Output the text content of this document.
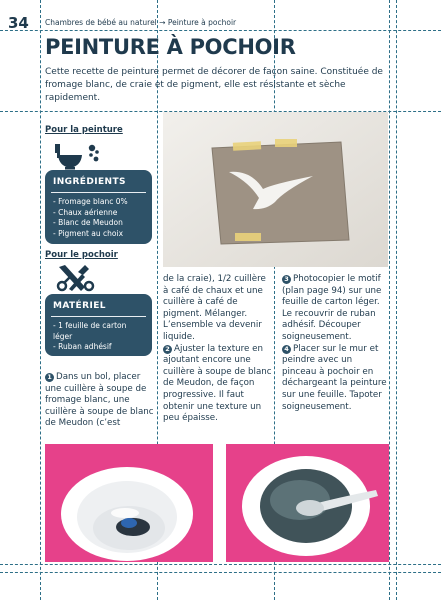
34 Chambres de bébé au naturel → Peinture à pochoir
PEINTURE À POCHOIR
Cette recette de peinture permet de décorer de façon saine. Constituée de fromage blanc, de craie et de pigment, elle est résistante et sèche rapidement.
Pour la peinture
INGRÉDIENTS
- Fromage blanc 0%
- Chaux aérienne
- Blanc de Meudon
- Pigment au choix
Pour le pochoir
MATÉRIEL
- 1 feuille de carton léger
- Ruban adhésif

1 Dans un bol, placer une cuillère à soupe de fromage blanc, une cuillère à soupe de blanc de Meudon (c’est

de la craie), 1/2 cuillère à café de chaux et une cuillère à café de pigment. Mélanger. L’ensemble va devenir liquide.

2 Ajuster la texture en ajoutant encore une cuillère à soupe de blanc de Meudon, de façon progressive. Il faut obtenir une texture un peu épaisse.

3 Photocopier le motif (plan page 94) sur une feuille de carton léger. Le recouvrir de ruban adhésif. Découper soigneusement.

4 Placer sur le mur et peindre avec un pinceau à pochoir en déchargeant la peinture sur une feuille. Tapoter soigneusement.
